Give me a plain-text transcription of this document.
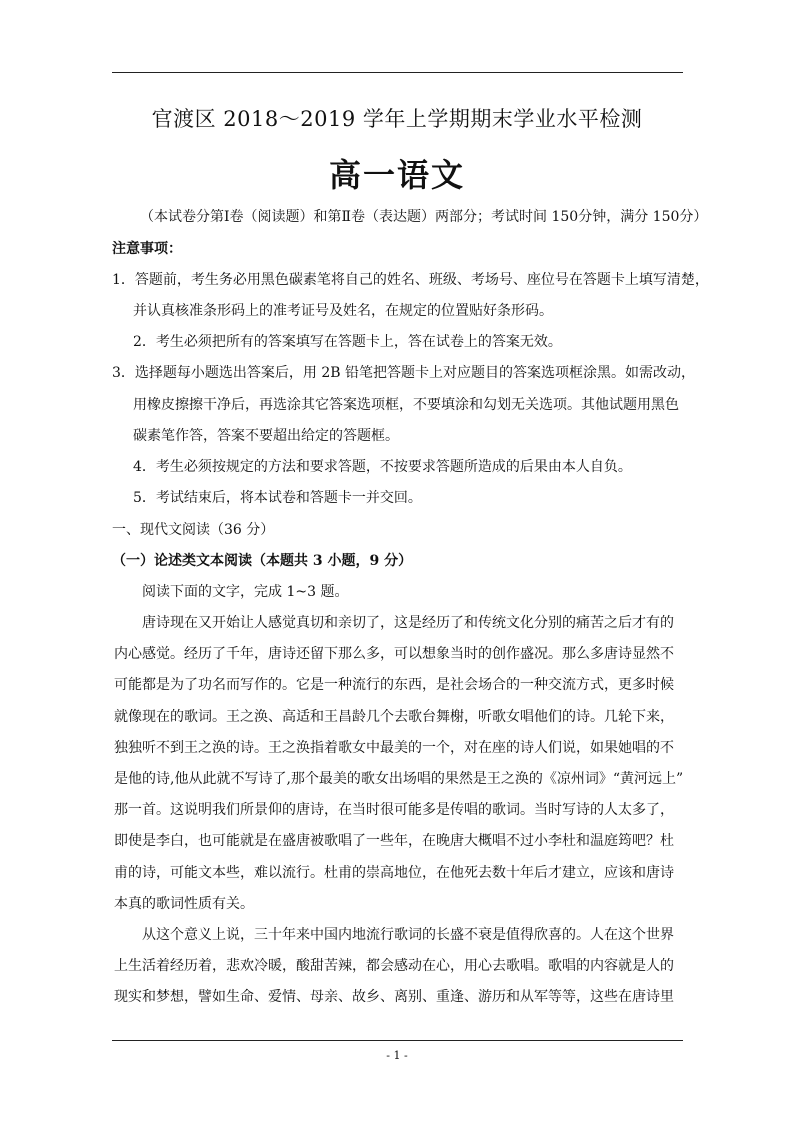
官渡区 2018～2019 学年上学期期末学业水平检测
高一语文
（本试卷分第Ⅰ卷（阅读题）和第Ⅱ卷（表达题）两部分；考试时间 150分钟，满分 150分）
注意事项：
1．答题前，考生务必用黑色碳素笔将自己的姓名、班级、考场号、座位号在答题卡上填写清楚，
并认真核准条形码上的准考证号及姓名，在规定的位置贴好条形码。
2．考生必须把所有的答案填写在答题卡上，答在试卷上的答案无效。
3．选择题每小题选出答案后，用 2B 铅笔把答题卡上对应题目的答案选项框涂黑。如需改动，
用橡皮擦擦干净后，再选涂其它答案选项框，不要填涂和勾划无关选项。其他试题用黑色
碳素笔作答，答案不要超出给定的答题框。
4．考生必须按规定的方法和要求答题，不按要求答题所造成的后果由本人自负。
5．考试结束后，将本试卷和答题卡一并交回。
一、现代文阅读（36 分）
（一）论述类文本阅读（本题共 3 小题，9 分）
阅读下面的文字，完成 1~3 题。
唐诗现在又开始让人感觉真切和亲切了，这是经历了和传统文化分别的痛苦之后才有的
内心感觉。经历了千年，唐诗还留下那么多，可以想象当时的创作盛况。那么多唐诗显然不
可能都是为了功名而写作的。它是一种流行的东西，是社会场合的一种交流方式，更多时候
就像现在的歌词。王之涣、高适和王昌龄几个去歌台舞榭，听歌女唱他们的诗。几轮下来，
独独听不到王之涣的诗。王之涣指着歌女中最美的一个，对在座的诗人们说，如果她唱的不
是他的诗,他从此就不写诗了,那个最美的歌女出场唱的果然是王之涣的《凉州词》“黄河远上”
那一首。这说明我们所景仰的唐诗，在当时很可能多是传唱的歌词。当时写诗的人太多了，
即使是李白，也可能就是在盛唐被歌唱了一些年，在晚唐大概唱不过小李杜和温庭筠吧？杜
甫的诗，可能文本些，难以流行。杜甫的崇高地位，在他死去数十年后才建立，应该和唐诗
本真的歌词性质有关。
从这个意义上说，三十年来中国内地流行歌词的长盛不衰是值得欣喜的。人在这个世界
上生活着经历着，悲欢冷暖，酸甜苦辣，都会感动在心，用心去歌唱。歌唱的内容就是人的
现实和梦想，譬如生命、爱情、母亲、故乡、离别、重逢、游历和从军等等，这些在唐诗里
- 1 -
